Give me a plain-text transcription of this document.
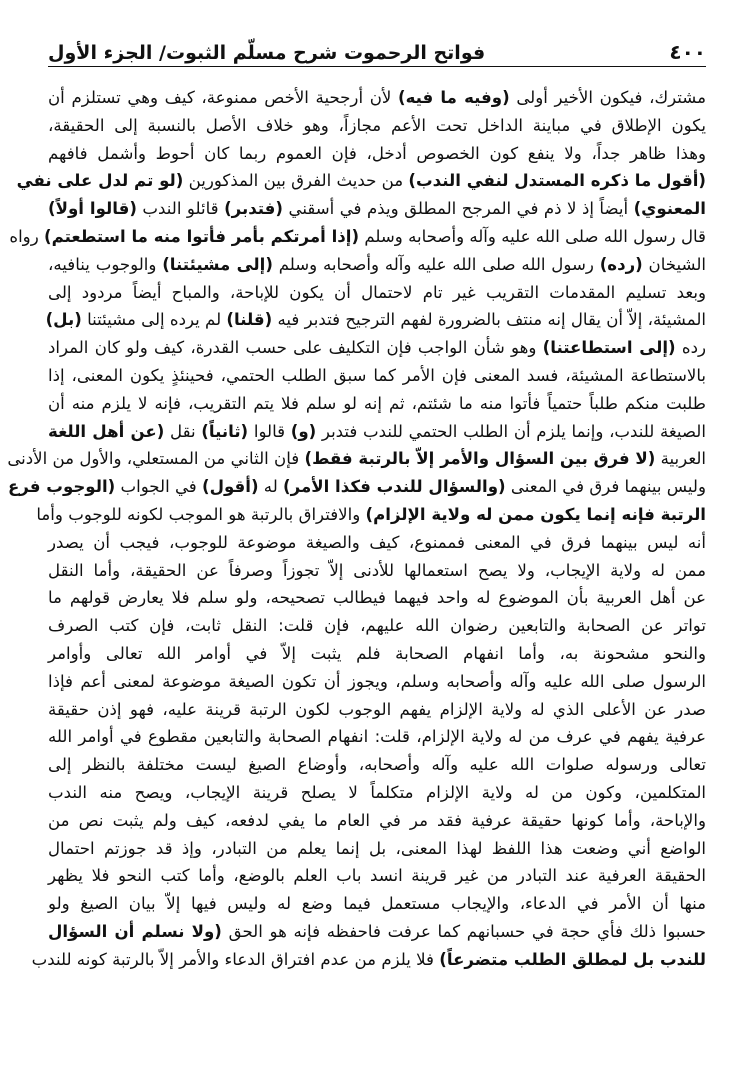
فواتح الرحموت شرح مسلّم الثبوت/ الجزء الأول	٤٠٠
مشترك، فيكون الأخير أولى (وفيه ما فيه) لأن أرجحية الأخص ممنوعة، كيف وهي تستلزم أن
يكون الإطلاق في مباينة الداخل تحت الأعم مجازاً، وهو خلاف الأصل بالنسبة إلى الحقيقة،
وهذا ظاهر جداً، ولا ينفع كون الخصوص أدخل، فإن العموم ربما كان أحوط وأشمل فافهم
(أقول ما ذكره المستدل لنفي الندب) من حديث الفرق بين المذكورين (لو تم لدل على نفي
المعنوي) أيضاً إذ لا ذم في المرجح المطلق ويذم في أسقني (فتدبر) قائلو الندب (قالوا أولاً)
قال رسول الله صلى الله عليه وآله وأصحابه وسلم (إذا أمرتكم بأمر فأتوا منه ما استطعتم) رواه
الشيخان (رده) رسول الله صلى الله عليه وآله وأصحابه وسلم (إلى مشيئتنا) والوجوب ينافيه،
وبعد تسليم المقدمات التقريب غير تام لاحتمال أن يكون للإباحة، والمباح أيضاً مردود إلى
المشيئة، إلاّ أن يقال إنه منتف بالضرورة لفهم الترجيح فتدبر فيه (قلنا) لم يرده إلى مشيئتنا (بل)
رده (إلى استطاعتنا) وهو شأن الواجب فإن التكليف على حسب القدرة، كيف ولو كان المراد
بالاستطاعة المشيئة، فسد المعنى فإن الأمر كما سبق الطلب الحتمي، فحينئذٍ يكون المعنى، إذا
طلبت منكم طلباً حتمياً فأتوا منه ما شئتم، ثم إنه لو سلم فلا يتم التقريب، فإنه لا يلزم منه أن
الصيغة للندب، وإنما يلزم أن الطلب الحتمي للندب فتدبر (و) قالوا (ثانياً) نقل (عن أهل اللغة
العربية (لا فرق بين السؤال والأمر إلاّ بالرتبة فقط) فإن الثاني من المستعلي، والأول من الأدنى
وليس بينهما فرق في المعنى (والسؤال للندب فكذا الأمر) له (أقول) في الجواب (الوجوب فرع
الرتبة فإنه إنما يكون ممن له ولاية الإلزام) والافتراق بالرتبة هو الموجب لكونه للوجوب وأما
أنه ليس بينهما فرق في المعنى فممنوع، كيف والصيغة موضوعة للوجوب، فيجب أن يصدر
ممن له ولاية الإيجاب، ولا يصح استعمالها للأدنى إلاّ تجوزاً وصرفاً عن الحقيقة، وأما النقل
عن أهل العربية بأن الموضوع له واحد فيهما فيطالب تصحيحه، ولو سلم فلا يعارض قولهم ما
تواتر عن الصحابة والتابعين رضوان الله عليهم، فإن قلت: النقل ثابت، فإن كتب الصرف
والنحو مشحونة به، وأما انفهام الصحابة فلم يثبت إلاّ في أوامر الله تعالى وأوامر
الرسول صلى الله عليه وآله وأصحابه وسلم، ويجوز أن تكون الصيغة موضوعة لمعنى أعم فإذا
صدر عن الأعلى الذي له ولاية الإلزام يفهم الوجوب لكون الرتبة قرينة عليه، فهو إذن حقيقة
عرفية يفهم في عرف من له ولاية الإلزام، قلت: انفهام الصحابة والتابعين مقطوع في أوامر الله
تعالى ورسوله صلوات الله عليه وآله وأصحابه، وأوضاع الصيغ ليست مختلفة بالنظر إلى
المتكلمين، وكون من له ولاية الإلزام متكلماً لا يصلح قرينة الإيجاب، ويصح منه الندب
والإباحة، وأما كونها حقيقة عرفية فقد مر في العام ما يفي لدفعه، كيف ولم يثبت نص من
الواضع أني وضعت هذا اللفظ لهذا المعنى، بل إنما يعلم من التبادر، وإذ قد جوزتم احتمال
الحقيقة العرفية عند التبادر من غير قرينة انسد باب العلم بالوضع، وأما كتب النحو فلا يظهر
منها أن الأمر في الدعاء، والإيجاب مستعمل فيما وضع له وليس فيها إلاّ بيان الصيغ ولو
حسبوا ذلك فأي حجة في حسبانهم كما عرفت فاحفظه فإنه هو الحق (ولا نسلم أن السؤال
للندب بل لمطلق الطلب متضرعاً) فلا يلزم من عدم افتراق الدعاء والأمر إلاّ بالرتبة كونه للندب
